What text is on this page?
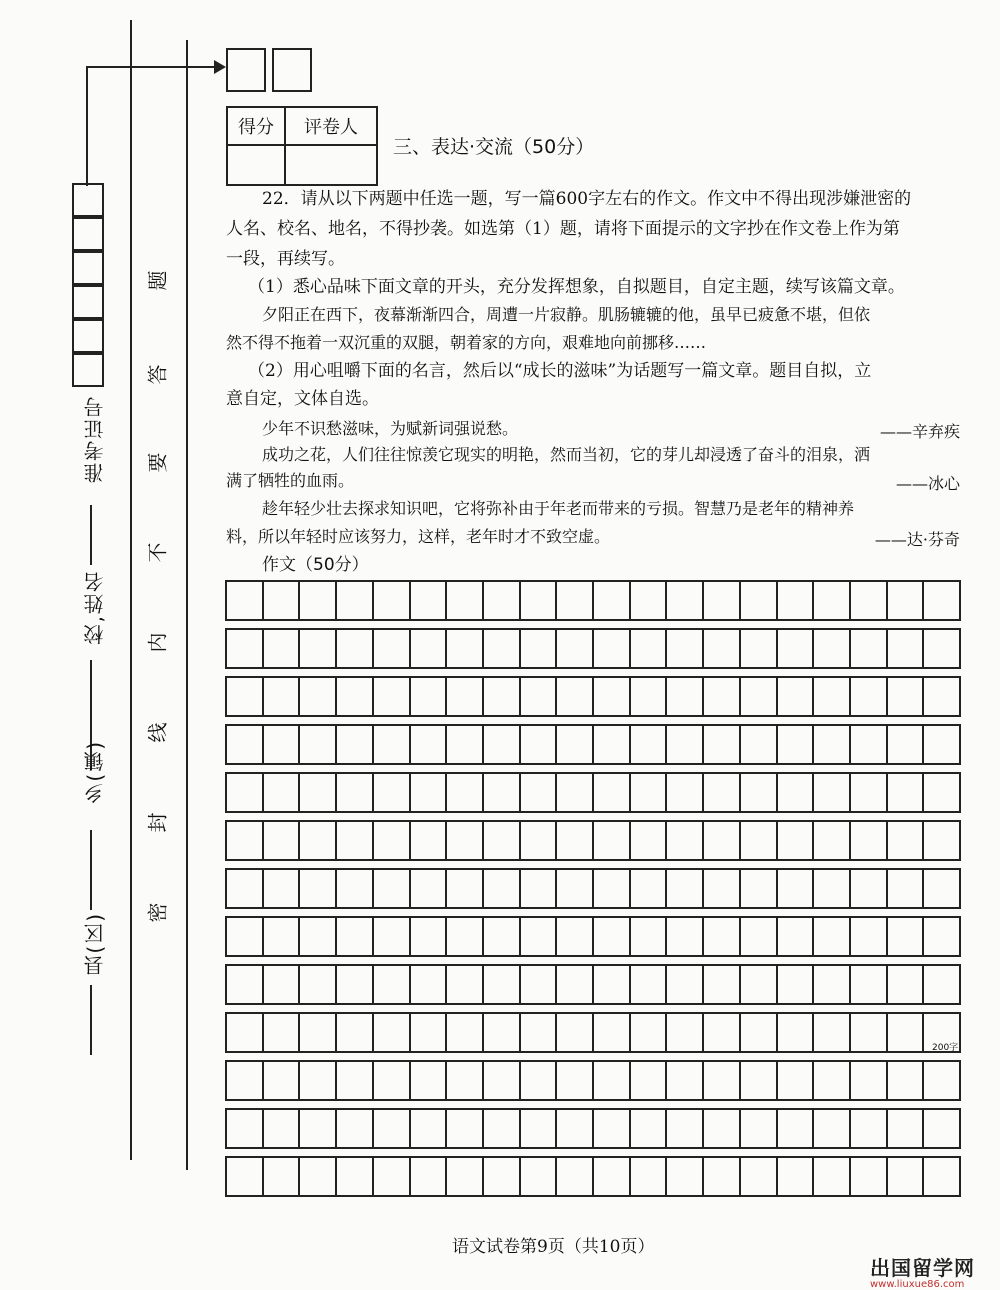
准考证号
校,姓名
乡(镇)
县(区)
题
答
要
不
内
线
封
密
得分	评卷人

三、表达·交流（50分）
22．请从以下两题中任选一题，写一篇600字左右的作文。作文中不得出现涉嫌泄密的
人名、校名、地名，不得抄袭。如选第（1）题，请将下面提示的文字抄在作文卷上作为第
一段，再续写。
（1）悉心品味下面文章的开头，充分发挥想象，自拟题目，自定主题，续写该篇文章。
夕阳正在西下，夜幕渐渐四合，周遭一片寂静。肌肠辘辘的他，虽早已疲惫不堪，但依
然不得不拖着一双沉重的双腿，朝着家的方向，艰难地向前挪移……
（2）用心咀嚼下面的名言，然后以“成长的滋味”为话题写一篇文章。题目自拟，立
意自定，文体自选。
少年不识愁滋味，为赋新词强说愁。	——辛弃疾
成功之花，人们往往惊羡它现实的明艳，然而当初，它的芽儿却浸透了奋斗的泪泉，洒
满了牺牲的血雨。	——冰心
趁年轻少壮去探求知识吧，它将弥补由于年老而带来的亏损。智慧乃是老年的精神养
料，所以年轻时应该努力，这样，老年时才不致空虚。	——达·芬奇
作文（50分）
200字
语文试卷第9页（共10页）
出国留学网
www.liuxue86.com
